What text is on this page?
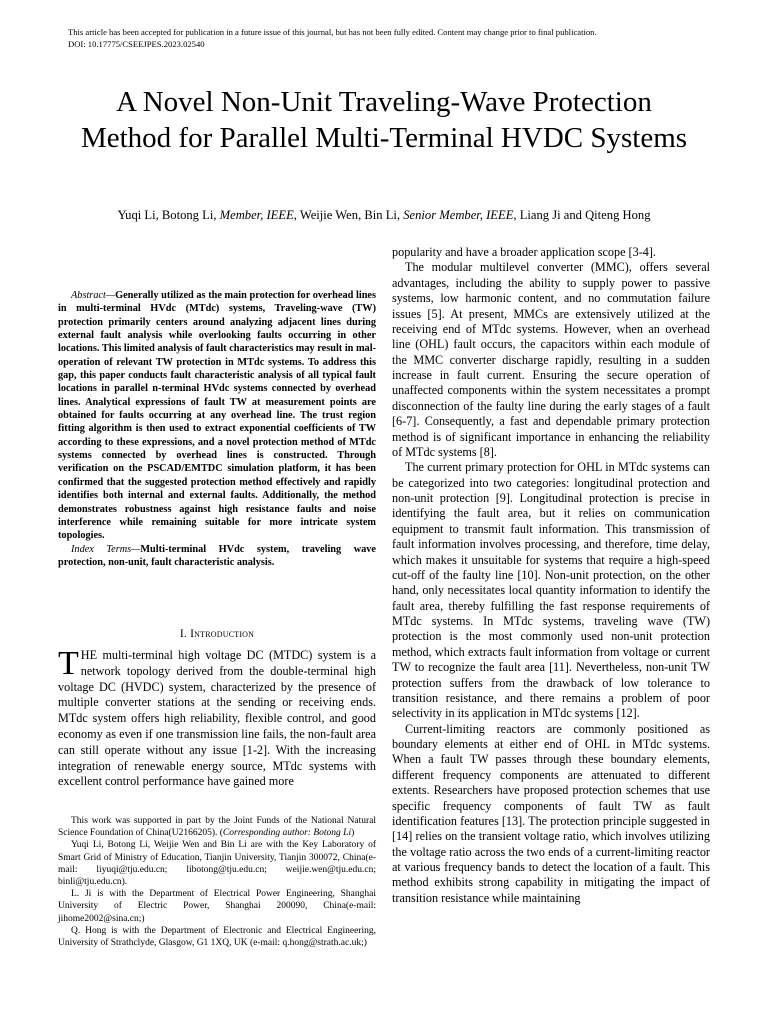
This article has been accepted for publication in a future issue of this journal, but has not been fully edited. Content may change prior to final publication.
DOI: 10.17775/CSEEJPES.2023.02540
A Novel Non-Unit Traveling-Wave Protection Method for Parallel Multi-Terminal HVDC Systems
Yuqi Li, Botong Li, Member, IEEE, Weijie Wen, Bin Li, Senior Member, IEEE, Liang Ji and Qiteng Hong

Abstract—Generally utilized as the main protection for overhead lines in multi-terminal HVdc (MTdc) systems, Traveling-wave (TW) protection primarily centers around analyzing adjacent lines during external fault analysis while overlooking faults occurring in other locations. This limited analysis of fault characteristics may result in mal-operation of relevant TW protection in MTdc systems. To address this gap, this paper conducts fault characteristic analysis of all typical fault locations in parallel n-terminal HVdc systems connected by overhead lines. Analytical expressions of fault TW at measurement points are obtained for faults occurring at any overhead line. The trust region fitting algorithm is then used to extract exponential coefficients of TW according to these expressions, and a novel protection method of MTdc systems connected by overhead lines is constructed. Through verification on the PSCAD/EMTDC simulation platform, it has been confirmed that the suggested protection method effectively and rapidly identifies both internal and external faults. Additionally, the method demonstrates robustness against high resistance faults and noise interference while remaining suitable for more intricate system topologies.

Index Terms—Multi-terminal HVdc system, traveling wave protection, non-unit, fault characteristic analysis.

I. Introduction

THE multi-terminal high voltage DC (MTDC) system is a network topology derived from the double-terminal high voltage DC (HVDC) system, characterized by the presence of multiple converter stations at the sending or receiving ends. MTdc system offers high reliability, flexible control, and good economy as even if one transmission line fails, the non-fault area can still operate without any issue [1-2]. With the increasing integration of renewable energy source, MTdc systems with excellent control performance have gained more

This work was supported in part by the Joint Funds of the National Natural Science Foundation of China(U2166205). (Corresponding author: Botong Li)

Yuqi Li, Botong Li, Weijie Wen and Bin Li are with the Key Laboratory of Smart Grid of Ministry of Education, Tianjin University, Tianjin 300072, China(e-mail: liyuqi@tju.edu.cn; libotong@tju.edu.cn; weijie.wen@tju.edu.cn; binli@tju.edu.cn).

L. Ji is with the Department of Electrical Power Engineering, Shanghai University of Electric Power, Shanghai 200090, China(e-mail: jihome2002@sina.cn;)

Q. Hong is with the Department of Electronic and Electrical Engineering, University of Strathclyde, Glasgow, G1 1XQ, UK (e-mail: q.hong@strath.ac.uk;)

popularity and have a broader application scope [3-4].

The modular multilevel converter (MMC), offers several advantages, including the ability to supply power to passive systems, low harmonic content, and no commutation failure issues [5]. At present, MMCs are extensively utilized at the receiving end of MTdc systems. However, when an overhead line (OHL) fault occurs, the capacitors within each module of the MMC converter discharge rapidly, resulting in a sudden increase in fault current. Ensuring the secure operation of unaffected components within the system necessitates a prompt disconnection of the faulty line during the early stages of a fault [6-7]. Consequently, a fast and dependable primary protection method is of significant importance in enhancing the reliability of MTdc systems [8].

The current primary protection for OHL in MTdc systems can be categorized into two categories: longitudinal protection and non-unit protection [9]. Longitudinal protection is precise in identifying the fault area, but it relies on communication equipment to transmit fault information. This transmission of fault information involves processing, and therefore, time delay, which makes it unsuitable for systems that require a high-speed cut-off of the faulty line [10]. Non-unit protection, on the other hand, only necessitates local quantity information to identify the fault area, thereby fulfilling the fast response requirements of MTdc systems. In MTdc systems, traveling wave (TW) protection is the most commonly used non-unit protection method, which extracts fault information from voltage or current TW to recognize the fault area [11]. Nevertheless, non-unit TW protection suffers from the drawback of low tolerance to transition resistance, and there remains a problem of poor selectivity in its application in MTdc systems [12].

Current-limiting reactors are commonly positioned as boundary elements at either end of OHL in MTdc systems. When a fault TW passes through these boundary elements, different frequency components are attenuated to different extents. Researchers have proposed protection schemes that use specific frequency components of fault TW as fault identification features [13]. The protection principle suggested in [14] relies on the transient voltage ratio, which involves utilizing the voltage ratio across the two ends of a current-limiting reactor at various frequency bands to detect the location of a fault. This method exhibits strong capability in mitigating the impact of transition resistance while maintaining
